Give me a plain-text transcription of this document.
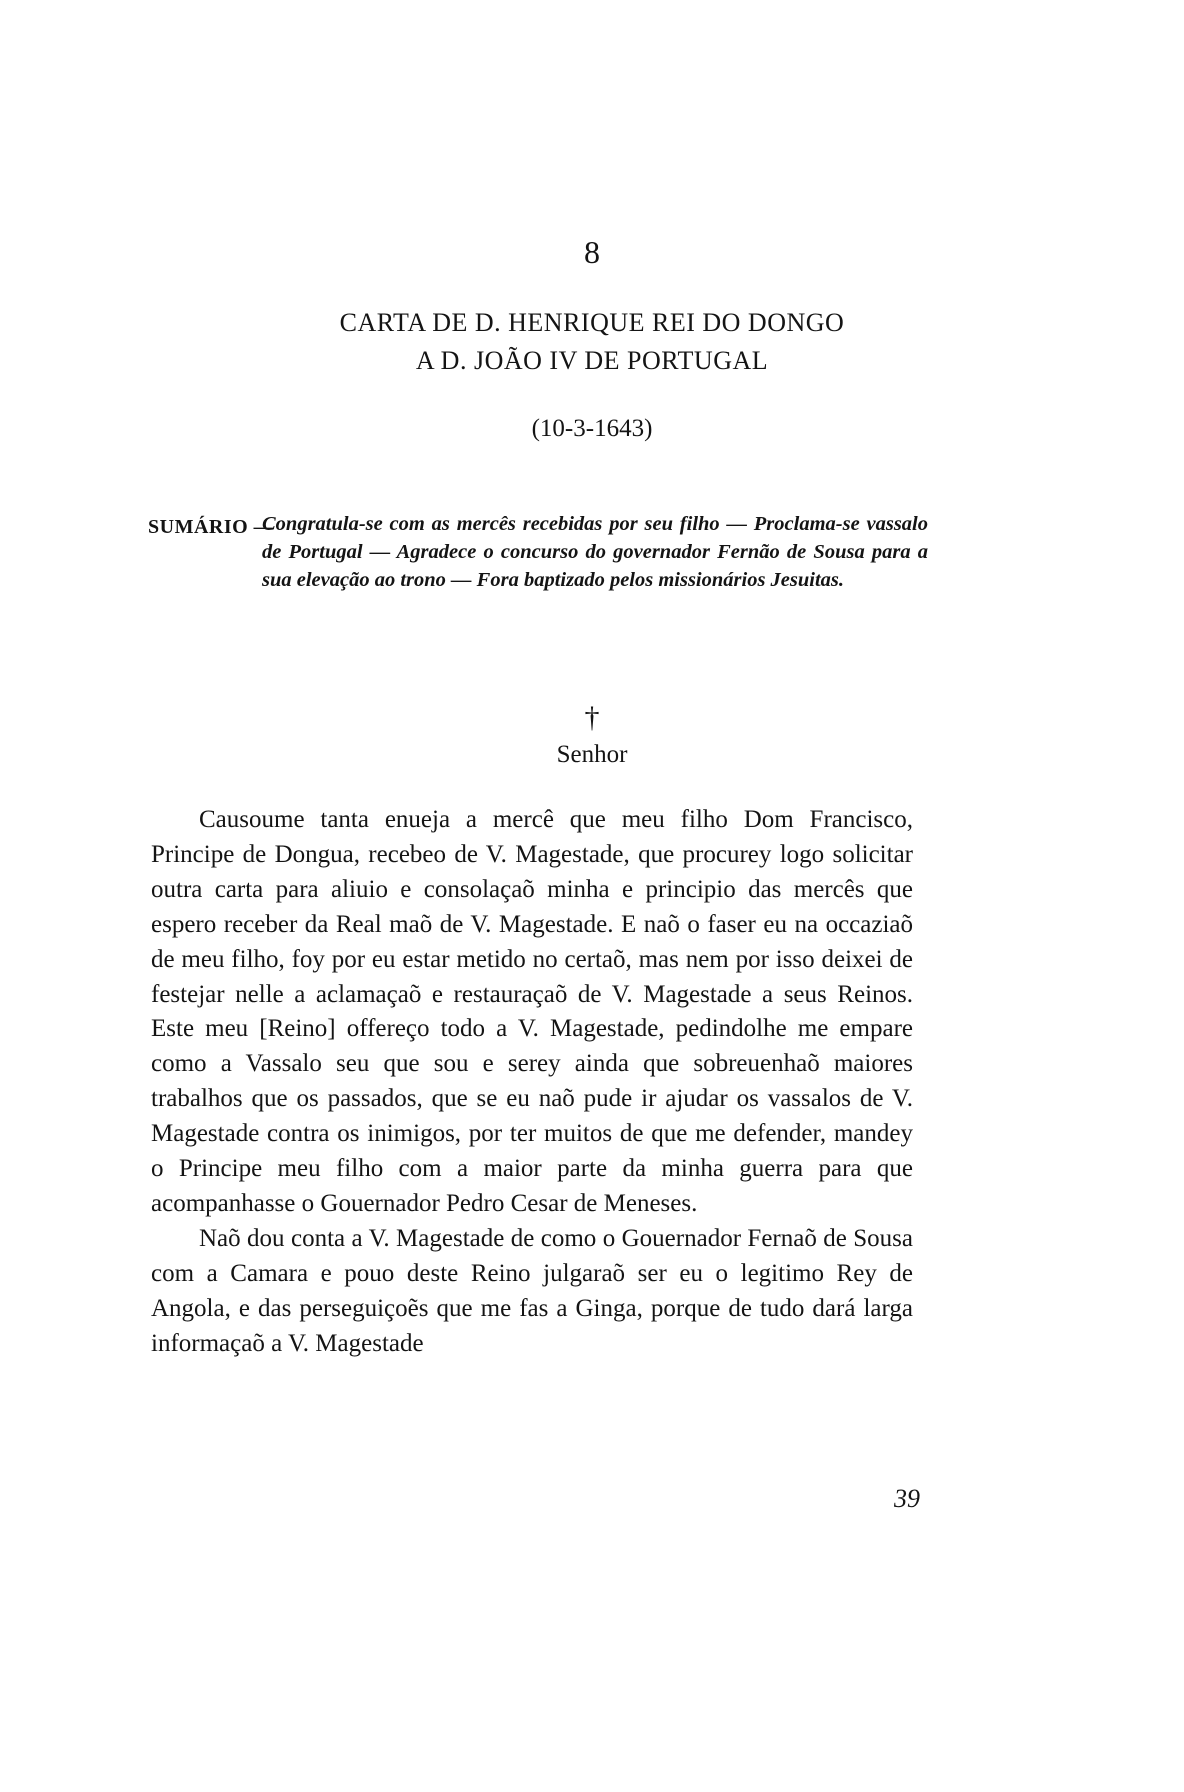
8
CARTA DE D. HENRIQUE REI DO DONGO
A D. JOÃO IV DE PORTUGAL
(10-3-1643)
SUMÁRIO —

Congratula-se com as mercês recebidas por seu filho — Proclama-se vassalo de Portugal — Agradece o concurso do governador Fernão de Sousa para a sua elevação ao trono — Fora baptizado pelos missionários Jesuitas.

†
Senhor

Causoume tanta enueja a mercê que meu filho Dom Francisco, Principe de Dongua, recebeo de V. Magestade, que procurey logo solicitar outra carta para aliuio e consolaçaõ minha e principio das mercês que espero receber da Real maõ de V. Magestade. E naõ o faser eu na occaziaõ de meu filho, foy por eu estar metido no certaõ, mas nem por isso deixei de festejar nelle a aclamaçaõ e restauraçaõ de V. Magestade a seus Reinos. Este meu [Reino] offereço todo a V. Magestade, pedindolhe me empare como a Vassalo seu que sou e serey ainda que sobreuenhaõ maiores trabalhos que os passados, que se eu naõ pude ir ajudar os vassalos de V. Magestade contra os inimigos, por ter muitos de que me defender, mandey o Principe meu filho com a maior parte da minha guerra para que acompanhasse o Gouernador Pedro Cesar de Meneses.

Naõ dou conta a V. Magestade de como o Gouernador Fernaõ de Sousa com a Camara e pouo deste Reino julgaraõ ser eu o legitimo Rey de Angola, e das perseguiçoẽs que me fas a Ginga, porque de tudo dará larga informaçaõ a V. Magestade

39
